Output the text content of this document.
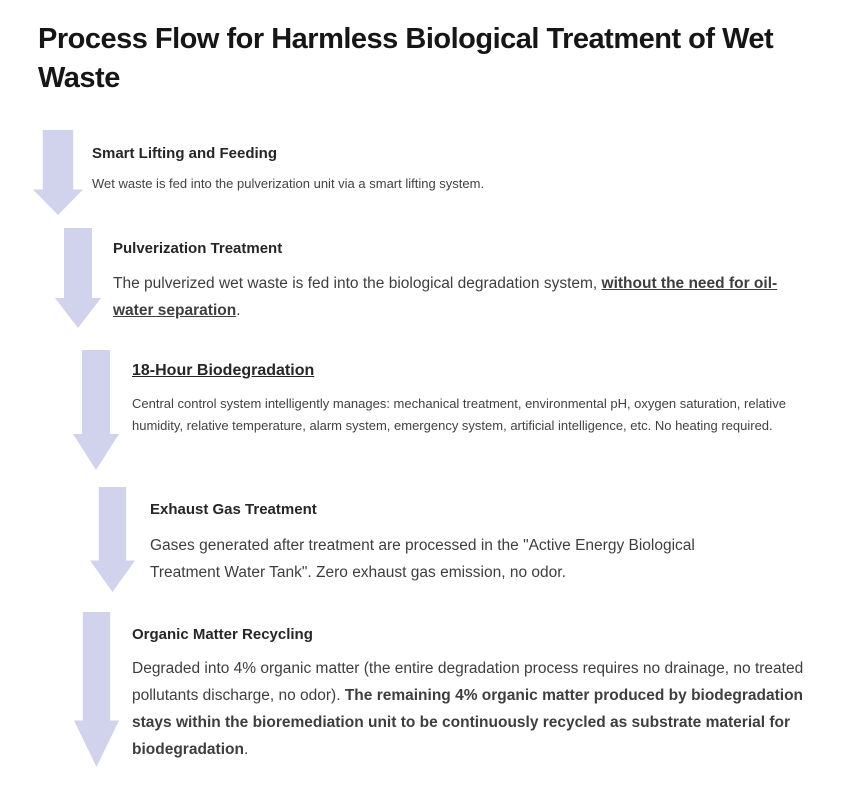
Process Flow for Harmless Biological Treatment of Wet Waste
Smart Lifting and Feeding

Wet waste is fed into the pulverization unit via a smart lifting system.

Pulverization Treatment

The pulverized wet waste is fed into the biological degradation system, without the need for oil-water separation.

18-Hour Biodegradation

Central control system intelligently manages: mechanical treatment, environmental pH, oxygen saturation, relative humidity, relative temperature, alarm system, emergency system, artificial intelligence, etc. No heating required.

Exhaust Gas Treatment

Gases generated after treatment are processed in the "Active Energy Biological Treatment Water Tank". Zero exhaust gas emission, no odor.

Organic Matter Recycling

Degraded into 4% organic matter (the entire degradation process requires no drainage, no treated pollutants discharge, no odor). The remaining 4% organic matter produced by biodegradation stays within the bioremediation unit to be continuously recycled as substrate material for biodegradation.
